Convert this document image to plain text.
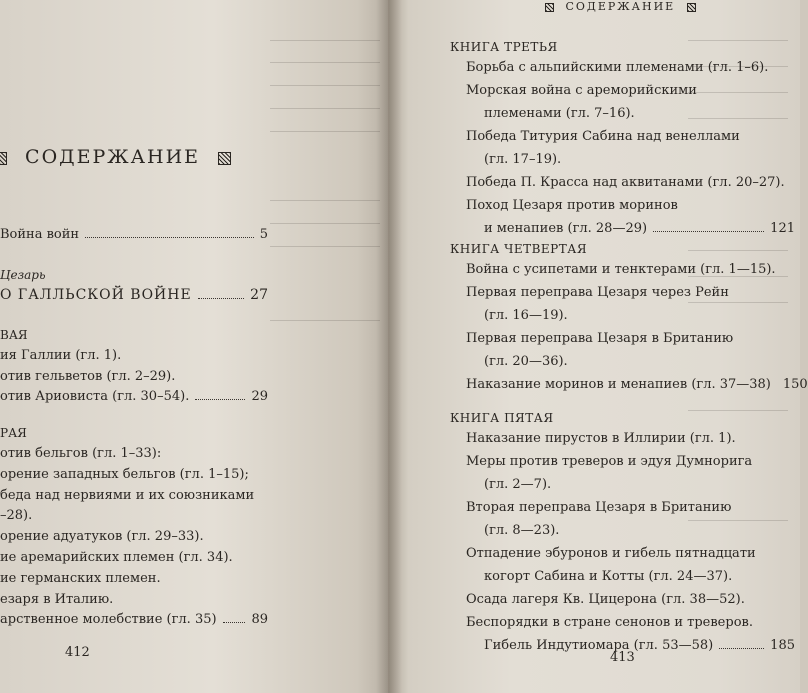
СОДЕРЖАНИЕ
Война войн	5
Цезарь
О ГАЛЛЬСКОЙ ВОЙНЕ	27
ВАЯ
ия Галлии (гл. 1).
отив гельветов (гл. 2–29).
отив Ариовиста (гл. 30–54).	29
РАЯ
отив бельгов (гл. 1–33):
орение западных бельгов (гл. 1–15);
беда над нервиями и их союзниками
–28).
орение адуатуков (гл. 29–33).
ие аремарийских племен (гл. 34).
ие германских племен.
езаря в Италию.
арственное молебствие (гл. 35)	89
412
СОДЕРЖАНИЕ
КНИГА ТРЕТЬЯ
Борьба с альпийскими племенами (гл. 1–6).
Морская война с арeморийскими
племенами (гл. 7–16).
Победа Титурия Сабина над венеллами
(гл. 17–19).
Победа П. Красса над аквитанами (гл. 20–27).
Поход Цезаря против моринов
и менапиев (гл. 28—29)	121
КНИГА ЧЕТВЕРТАЯ
Война с усипетами и тенктерами (гл. 1—15).
Первая переправа Цезаря через Рейн
(гл. 16—19).
Первая переправа Цезаря в Британию
(гл. 20—36).
Наказание моринов и менапиев (гл. 37—38) 150
КНИГА ПЯТАЯ
Наказание пирустов в Иллирии (гл. 1).
Меры против треверов и эдуя Думнорига
(гл. 2—7).
Вторая переправа Цезаря в Британию
(гл. 8—23).
Отпадение эбуронов и гибель пятнадцати
когорт Сабина и Котты (гл. 24—37).
Осада лагеря Кв. Цицерона (гл. 38—52).
Беспорядки в стране сенонов и треверов.
Гибель Индутиомара (гл. 53—58)	185
413
